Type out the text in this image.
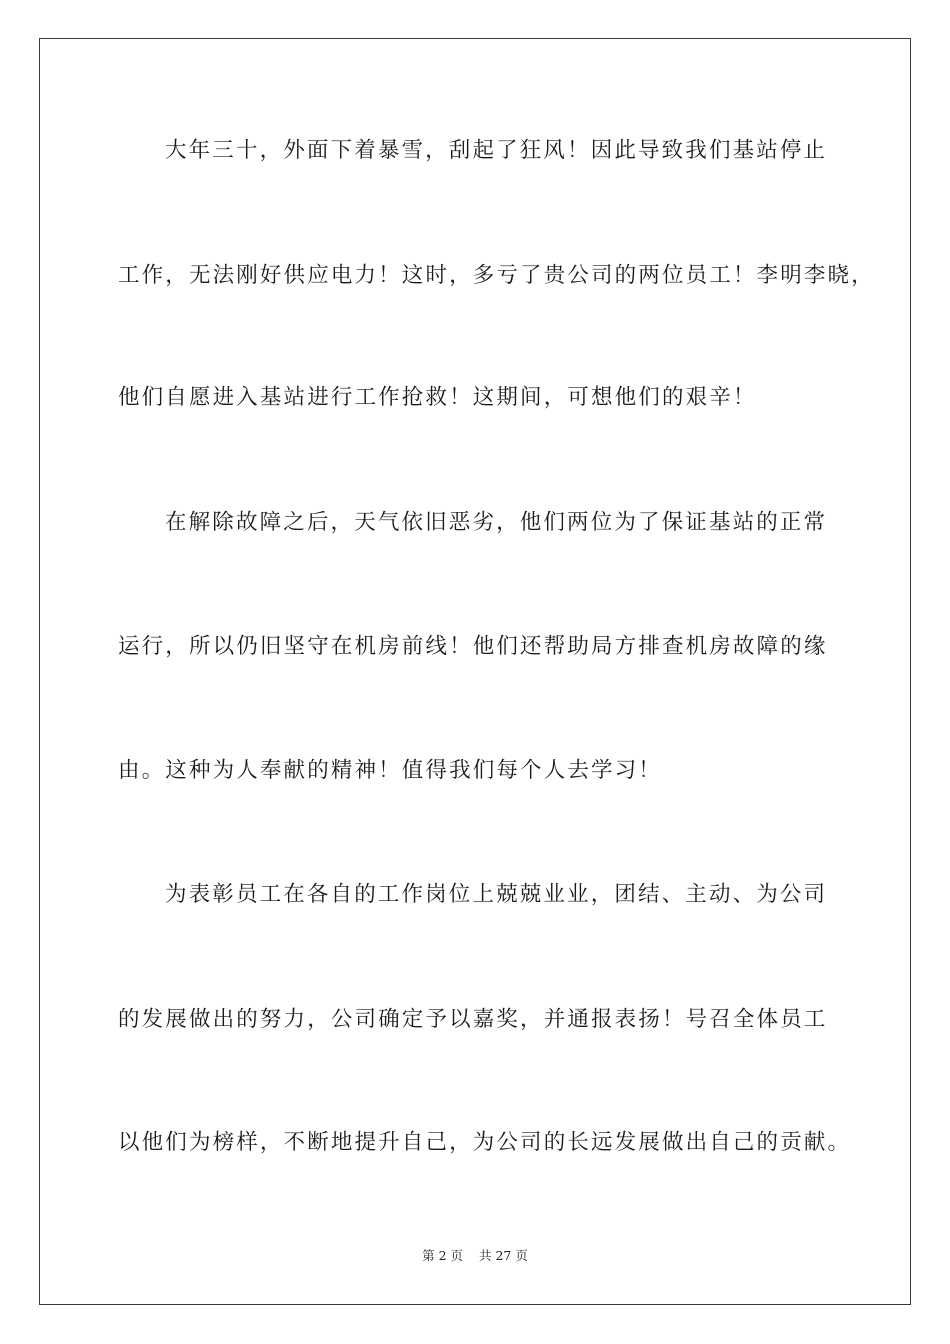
大年三十，外面下着暴雪，刮起了狂风！因此导致我们基站停止
工作，无法刚好供应电力！这时，多亏了贵公司的两位员工！李明李晓，
他们自愿进入基站进行工作抢救！这期间，可想他们的艰辛！
在解除故障之后，天气依旧恶劣，他们两位为了保证基站的正常
运行，所以仍旧坚守在机房前线！他们还帮助局方排查机房故障的缘
由。这种为人奉献的精神！值得我们每个人去学习！
为表彰员工在各自的工作岗位上兢兢业业，团结、主动、为公司
的发展做出的努力，公司确定予以嘉奖，并通报表扬！号召全体员工
以他们为榜样，不断地提升自己，为公司的长远发展做出自己的贡献。
第 2 页 共 27 页
